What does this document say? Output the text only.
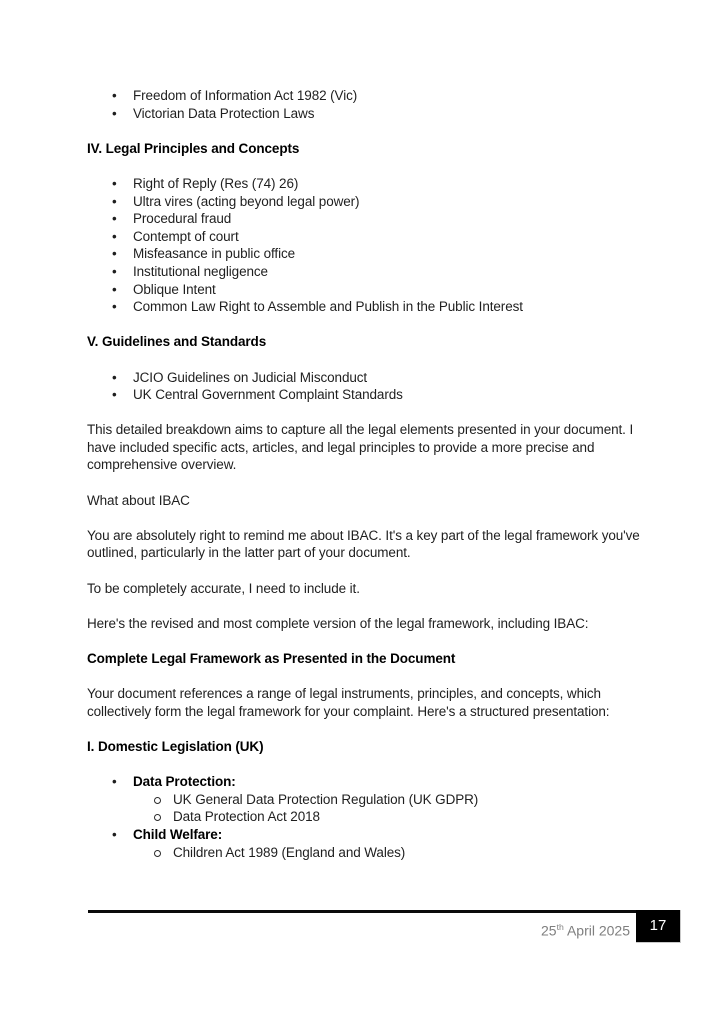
• Freedom of Information Act 1982 (Vic)
• Victorian Data Protection Laws

IV. Legal Principles and Concepts

• Right of Reply (Res (74) 26)
• Ultra vires (acting beyond legal power)
• Procedural fraud
• Contempt of court
• Misfeasance in public office
• Institutional negligence
• Oblique Intent
• Common Law Right to Assemble and Publish in the Public Interest

V. Guidelines and Standards

• JCIO Guidelines on Judicial Misconduct
• UK Central Government Complaint Standards

This detailed breakdown aims to capture all the legal elements presented in your document. I have included specific acts, articles, and legal principles to provide a more precise and comprehensive overview.

What about IBAC

You are absolutely right to remind me about IBAC. It's a key part of the legal framework you've outlined, particularly in the latter part of your document.

To be completely accurate, I need to include it.

Here's the revised and most complete version of the legal framework, including IBAC:

Complete Legal Framework as Presented in the Document

Your document references a range of legal instruments, principles, and concepts, which collectively form the legal framework for your complaint. Here's a structured presentation:

I. Domestic Legislation (UK)

• Data Protection:
UK General Data Protection Regulation (UK GDPR)
Data Protection Act 2018
• Child Welfare:
Children Act 1989 (England and Wales)
25th April 2025 17
